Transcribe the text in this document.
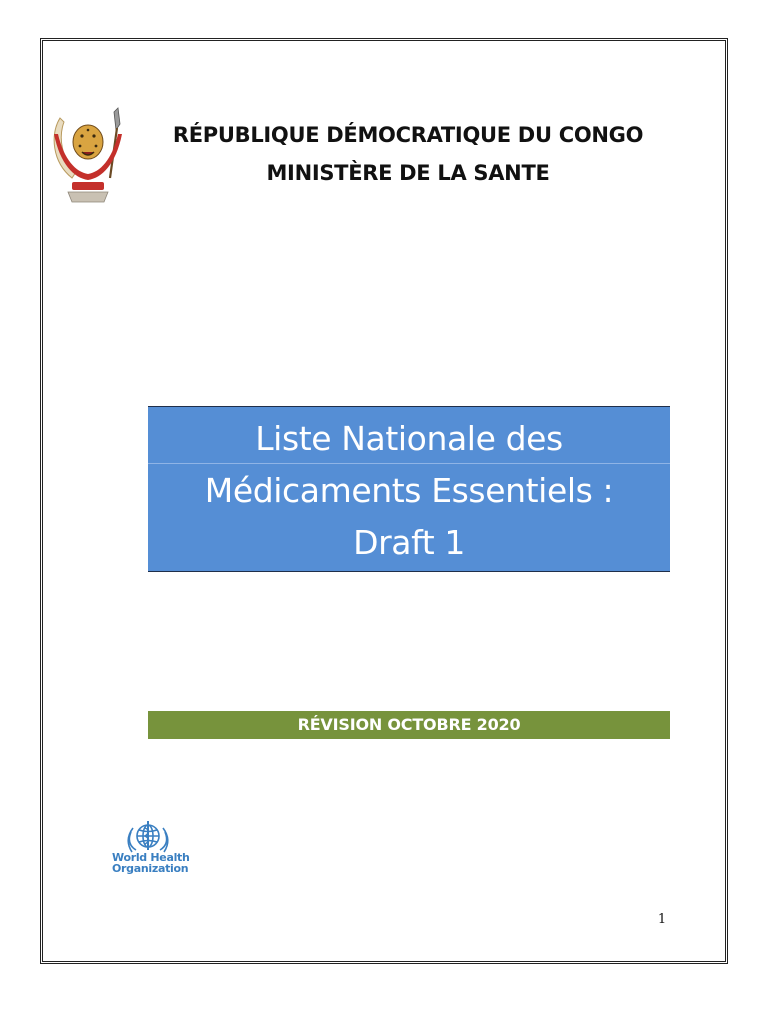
RÉPUBLIQUE DÉMOCRATIQUE DU CONGO
MINISTÈRE DE LA SANTE
Liste Nationale des
Médicaments Essentiels :
Draft 1
RÉVISION OCTOBRE 2020
World Health
Organization
1
